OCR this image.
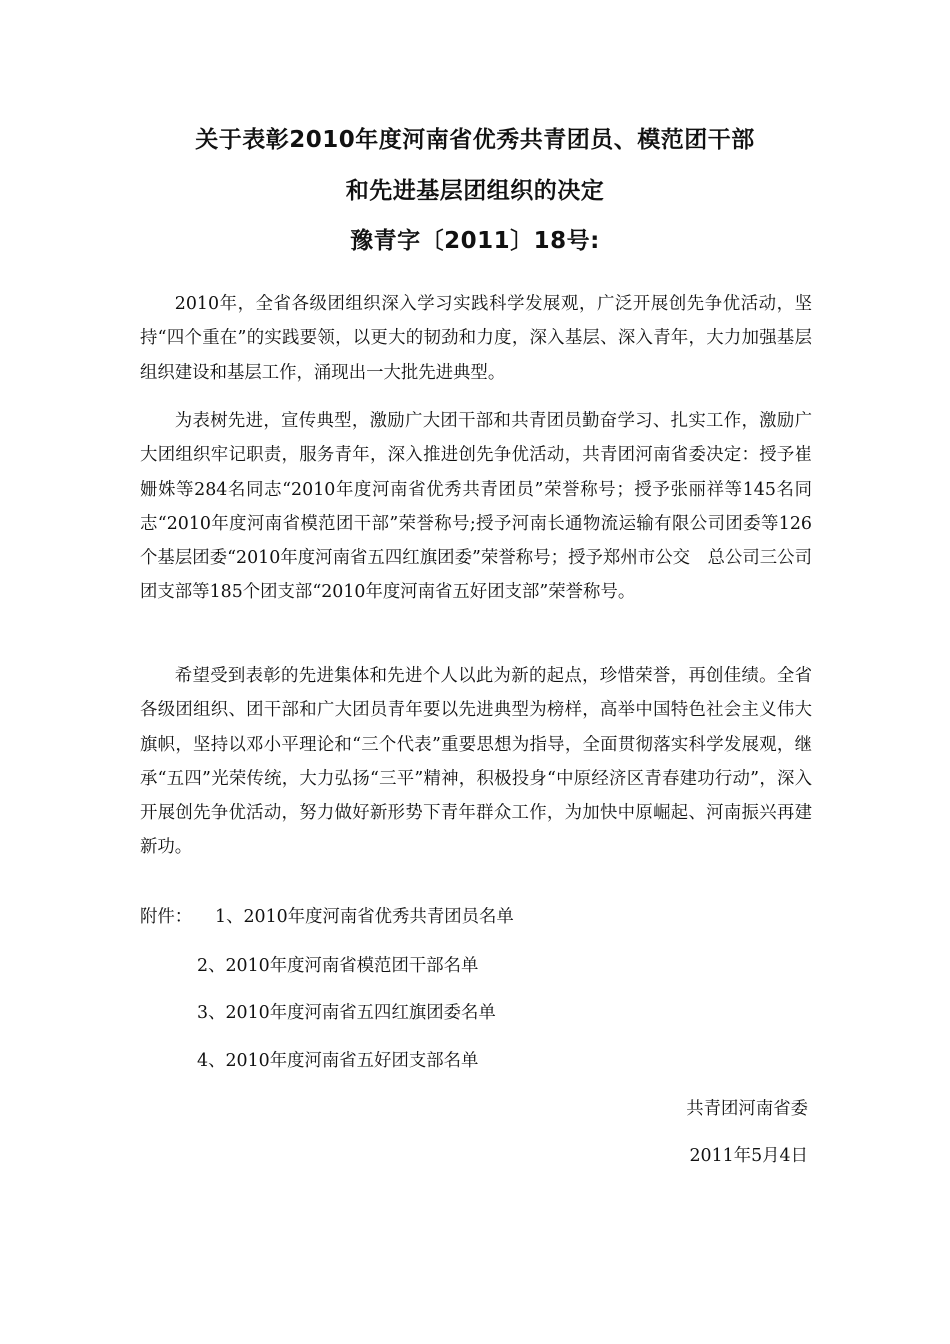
关于表彰2010年度河南省优秀共青团员、模范团干部
和先进基层团组织的决定
豫青字〔2011〕18号:
2010年，全省各级团组织深入学习实践科学发展观，广泛开展创先争优活动，坚持“四个重在”的实践要领，以更大的韧劲和力度，深入基层、深入青年，大力加强基层组织建设和基层工作，涌现出一大批先进典型。
为表树先进，宣传典型，激励广大团干部和共青团员勤奋学习、扎实工作，激励广大团组织牢记职责，服务青年，深入推进创先争优活动，共青团河南省委决定：授予崔姗姝等284名同志“2010年度河南省优秀共青团员”荣誉称号；授予张丽祥等145名同志“2010年度河南省模范团干部”荣誉称号;授予河南长通物流运输有限公司团委等126个基层团委“2010年度河南省五四红旗团委”荣誉称号；授予郑州市公交　总公司三公司团支部等185个团支部“2010年度河南省五好团支部”荣誉称号。
希望受到表彰的先进集体和先进个人以此为新的起点，珍惜荣誉，再创佳绩。全省各级团组织、团干部和广大团员青年要以先进典型为榜样，高举中国特色社会主义伟大旗帜，坚持以邓小平理论和“三个代表”重要思想为指导，全面贯彻落实科学发展观，继承“五四”光荣传统，大力弘扬“三平”精神，积极投身“中原经济区青春建功行动”，深入开展创先争优活动，努力做好新形势下青年群众工作，为加快中原崛起、河南振兴再建新功。
附件： 1、2010年度河南省优秀共青团员名单
2、2010年度河南省模范团干部名单
3、2010年度河南省五四红旗团委名单
4、2010年度河南省五好团支部名单
共青团河南省委
2011年5月4日
